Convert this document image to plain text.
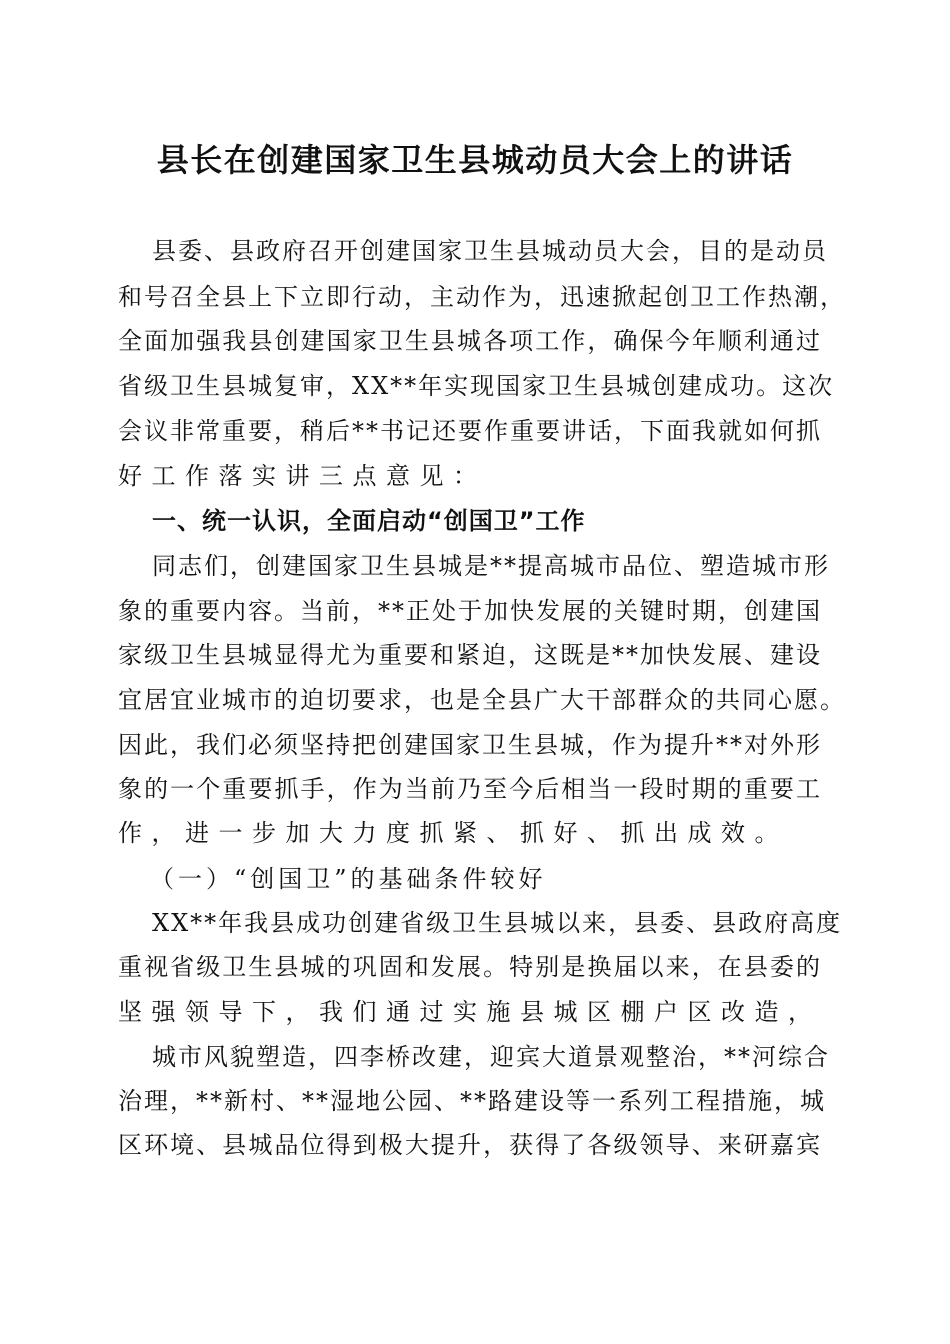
县长在创建国家卫生县城动员大会上的讲话
县委、县政府召开创建国家卫生县城动员大会，目的是动员
和号召全县上下立即行动，主动作为，迅速掀起创卫工作热潮，
全面加强我县创建国家卫生县城各项工作，确保今年顺利通过
省级卫生县城复审，XX**年实现国家卫生县城创建成功。这次
会议非常重要，稍后**书记还要作重要讲话，下面我就如何抓
好工作落实讲三点意见：
一、统一认识，全面启动“创国卫”工作
同志们，创建国家卫生县城是**提高城市品位、塑造城市形
象的重要内容。当前，**正处于加快发展的关键时期，创建国
家级卫生县城显得尤为重要和紧迫，这既是**加快发展、建设
宜居宜业城市的迫切要求，也是全县广大干部群众的共同心愿。
因此，我们必须坚持把创建国家卫生县城，作为提升**对外形
象的一个重要抓手，作为当前乃至今后相当一段时期的重要工
作，进一步加大力度抓紧、抓好、抓出成效。
（一）“创国卫”的基础条件较好
XX**年我县成功创建省级卫生县城以来，县委、县政府高度
重视省级卫生县城的巩固和发展。特别是换届以来，在县委的
坚强领导下，我们通过实施县城区棚户区改造，
城市风貌塑造，四李桥改建，迎宾大道景观整治，**河综合
治理，**新村、**湿地公园、**路建设等一系列工程措施，城
区环境、县城品位得到极大提升，获得了各级领导、来研嘉宾
